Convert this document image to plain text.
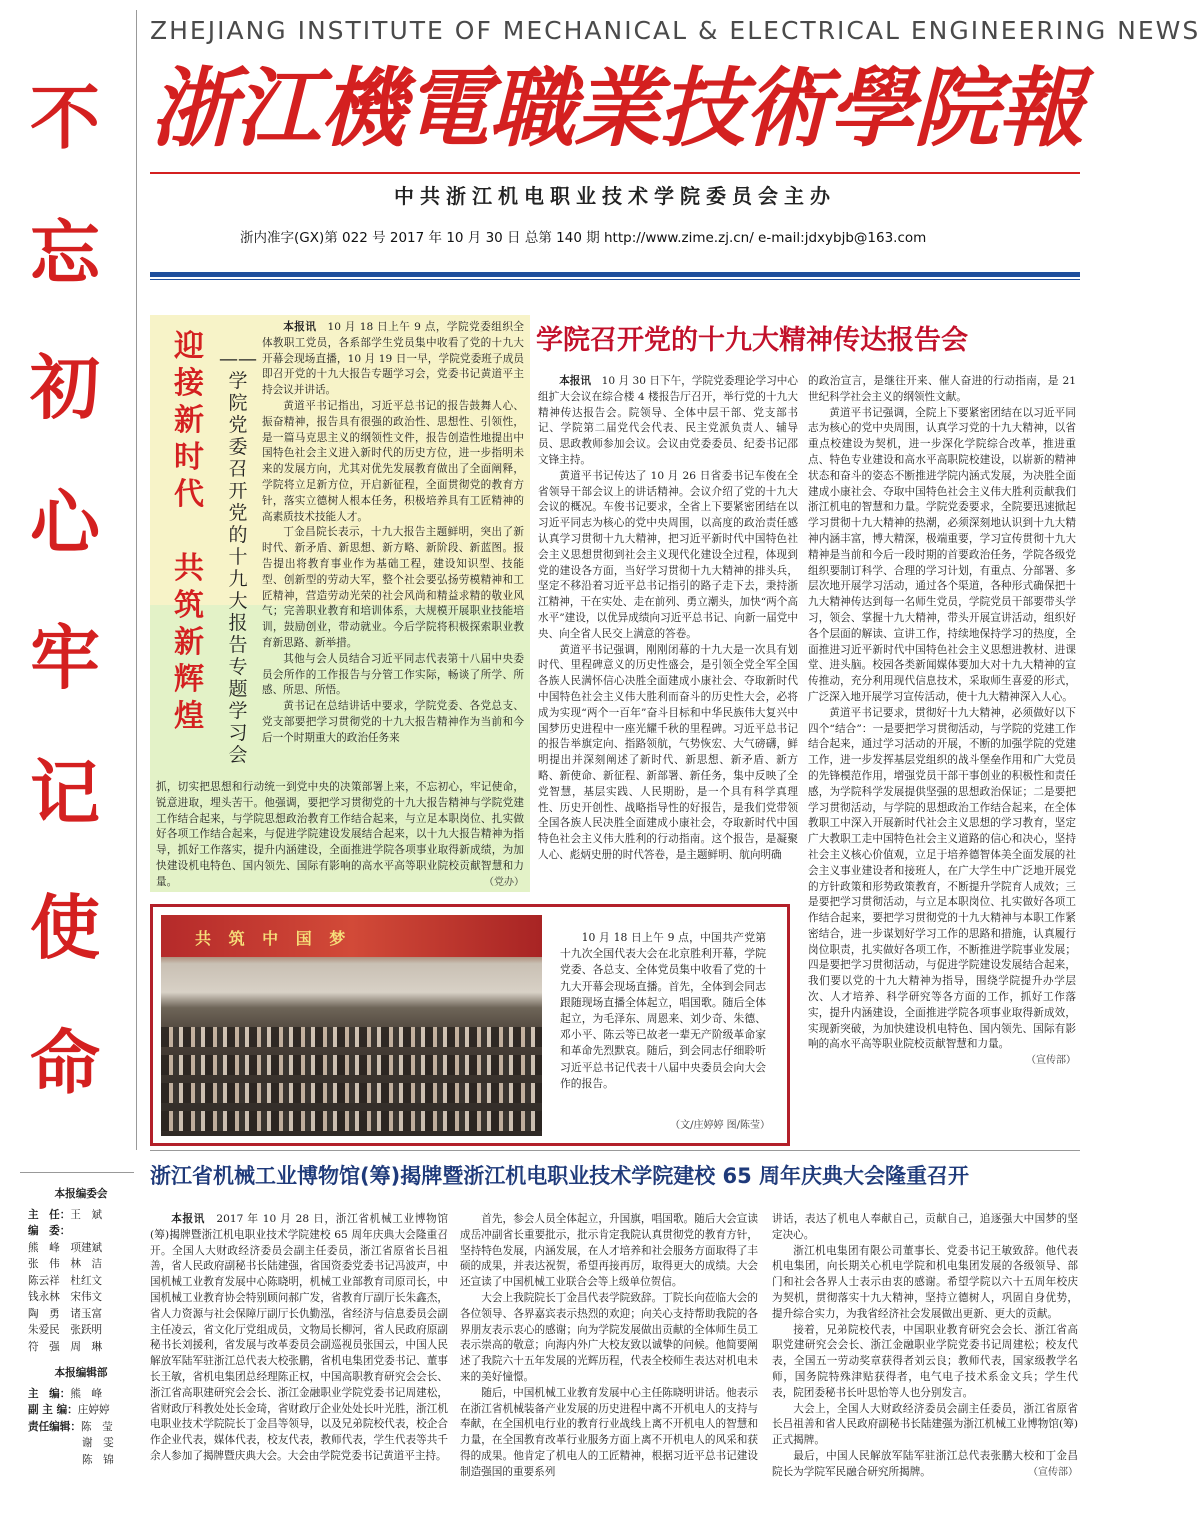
ZHEJIANG INSTITUTE OF MECHANICAL & ELECTRICAL ENGINEERING NEWS
浙 江 機 電 職 業 技 術 學 院 報
中共浙江机电职业技术学院委员会主办
浙内准字(GX)第 022 号 2017 年 10 月 30 日 总第 140 期 http://www.zime.zj.cn/ e-mail:jdxybjb@163.com
不
忘
初
心
牢
记
使
命
迎
接
新
时
代

共
筑
新
辉
煌
——
学
院
党
委
召
开
党
的
十
九
大
报
告
专
题
学
习
会

本报讯　 10 月 18 日上午 9 点，学院党委组织全体教职工党员，各系部学生党员集中收看了党的十九大开幕会现场直播，10 月 19 日一早，学院党委班子成员即召开党的十九大报告专题学习会，党委书记黄道平主持会议并讲话。

黄道平书记指出，习近平总书记的报告鼓舞人心、振奋精神，报告具有很强的政治性、思想性、引领性，是一篇马克思主义的纲领性文件，报告创造性地提出中国特色社会主义进入新时代的历史方位，进一步指明未来的发展方向，尤其对优先发展教育做出了全面阐释，学院将立足新方位，开启新征程，全面贯彻党的教育方针，落实立德树人根本任务，积极培养具有工匠精神的高素质技术技能人才。

丁金昌院长表示，十九大报告主题鲜明，突出了新时代、新矛盾、新思想、新方略、新阶段、新蓝图。报告提出将教育事业作为基础工程，建设知识型、技能型、创新型的劳动大军，整个社会要弘扬劳模精神和工匠精神，营造劳动光荣的社会风尚和精益求精的敬业风气；完善职业教育和培训体系，大规模开展职业技能培训，鼓励创业，带动就业。今后学院将积极探索职业教育新思路、新举措。

其他与会人员结合习近平同志代表第十八届中央委员会所作的工作报告与分管工作实际，畅谈了所学、所感、所思、所悟。

黄书记在总结讲话中要求，学院党委、各党总支、党支部要把学习贯彻党的十九大报告精神作为当前和今后一个时期重大的政治任务来

抓，切实把思想和行动统一到党中央的决策部署上来，不忘初心，牢记使命，锐意进取，埋头苦干。他强调，要把学习贯彻党的十九大报告精神与学院党建工作结合起来，与学院思想政治教育工作结合起来，与立足本职岗位、扎实做好各项工作结合起来，与促进学院建设发展结合起来，以十九大报告精神为指导，抓好工作落实，提升内涵建设，全面推进学院各项事业取得新成绩，为加快建设机电特色、国内领先、国际有影响的高水平高等职业院校贡献智慧和力量。	（党办）

学院召开党的十九大精神传达报告会

本报讯　 10 月 30 日下午，学院党委理论学习中心组扩大会议在综合楼 4 楼报告厅召开，举行党的十九大精神传达报告会。院领导、全体中层干部、党支部书记、学院第二届党代会代表、民主党派负责人、辅导员、思政教师参加会议。会议由党委委员、纪委书记邵文锋主持。

黄道平书记传达了 10 月 26 日省委书记车俊在全省领导干部会议上的讲话精神。会议介绍了党的十九大会议的概况。车俊书记要求，全省上下要紧密团结在以习近平同志为核心的党中央周围，以高度的政治责任感认真学习贯彻十九大精神，把习近平新时代中国特色社会主义思想贯彻到社会主义现代化建设全过程，体现到党的建设各方面，当好学习贯彻十九大精神的排头兵，坚定不移沿着习近平总书记指引的路子走下去，秉持浙江精神，干在实处、走在前列、勇立潮头，加快“两个高水平”建设，以优异成绩向习近平总书记、向新一届党中央、向全省人民交上满意的答卷。

黄道平书记强调，刚刚闭幕的十九大是一次具有划时代、里程碑意义的历史性盛会，是引领全党全军全国各族人民满怀信心决胜全面建成小康社会、夺取新时代中国特色社会主义伟大胜利而奋斗的历史性大会，必将成为实现“两个一百年”奋斗目标和中华民族伟大复兴中国梦历史进程中一座光耀千秋的里程碑。习近平总书记的报告举旗定向、指路领航，气势恢宏、大气磅礴，鲜明提出并深刻阐述了新时代、新思想、新矛盾、新方略、新使命、新征程、新部署、新任务，集中反映了全党智慧，基层实践、人民期盼，是一个具有科学真理性、历史开创性、战略指导性的好报告，是我们党带领全国各族人民决胜全面建成小康社会，夺取新时代中国特色社会主义伟大胜利的行动指南。这个报告，是凝聚人心、彪炳史册的时代答卷，是主题鲜明、航向明确

的政治宣言，是继往开来、催人奋进的行动指南，是 21 世纪科学社会主义的纲领性文献。

黄道平书记强调，全院上下要紧密团结在以习近平同志为核心的党中央周围，认真学习党的十九大精神，以省重点校建设为契机，进一步深化学院综合改革，推进重点、特色专业建设和高水平高职院校建设，以崭新的精神状态和奋斗的姿态不断推进学院内涵式发展，为决胜全面建成小康社会、夺取中国特色社会主义伟大胜利贡献我们浙江机电的智慧和力量。学院党委要求，全院要迅速掀起学习贯彻十九大精神的热潮，必须深刻地认识到十九大精神内涵丰富，博大精深，极端重要，学习宣传贯彻十九大精神是当前和今后一段时期的首要政治任务，学院各级党组织要制订科学、合理的学习计划，有重点、分部署、多层次地开展学习活动，通过各个渠道，各种形式确保把十九大精神传达到每一名师生党员，学院党员干部要带头学习，领会、掌握十九大精神，带头开展宣讲活动，组织好各个层面的解读、宣讲工作，持续地保持学习的热度，全面推进习近平新时代中国特色社会主义思想进教材、进课堂、进头脑。校园各类新闻媒体要加大对十九大精神的宣传推动，充分利用现代信息技术，采取师生喜爱的形式，广泛深入地开展学习宣传活动，使十九大精神深入人心。

黄道平书记要求，贯彻好十九大精神，必须做好以下四个“结合”：一是要把学习贯彻活动，与学院的党建工作结合起来，通过学习活动的开展，不断的加强学院的党建工作，进一步发挥基层党组织的战斗堡垒作用和广大党员的先锋模范作用，增强党员干部干事创业的积极性和责任感，为学院科学发展提供坚强的思想政治保证；二是要把学习贯彻活动，与学院的思想政治工作结合起来，在全体教职工中深入开展新时代社会主义思想的学习教育，坚定广大教职工走中国特色社会主义道路的信心和决心，坚持社会主义核心价值观，立足于培养德智体美全面发展的社会主义事业建设者和接班人，在广大学生中广泛地开展党的方针政策和形势政策教育，不断提升学院育人成效；三是要把学习贯彻活动，与立足本职岗位、扎实做好各项工作结合起来，要把学习贯彻党的十九大精神与本职工作紧密结合，进一步谋划好学习工作的思路和措施，认真履行岗位职责，扎实做好各项工作，不断推进学院事业发展；四是要把学习贯彻活动，与促进学院建设发展结合起来，我们要以党的十九大精神为指导，围绕学院提升办学层次、人才培养、科学研究等各方面的工作，抓好工作落实，提升内涵建设，全面推进学院各项事业取得新成效，实现新突破，为加快建设机电特色、国内领先、国际有影响的高水平高等职业院校贡献智慧和力量。
（宣传部）

共 筑 中 国 梦	10 月 18 日上午 9 点，中国共产党第十九次全国代表大会在北京胜利开幕，学院党委、各总支、全体党员集中收看了党的十九大开幕会现场直播。首先，全体到会同志跟随现场直播全体起立，唱国歌。随后全体起立，为毛泽东、周恩来、刘少奇、朱德、邓小平、陈云等已故老一辈无产阶级革命家和革命先烈默哀。随后，到会同志仔细聆听习近平总书记代表十八届中央委员会向大会作的报告。

（文/庄婷婷 图/陈莹）
浙江省机械工业博物馆(筹)揭牌暨浙江机电职业技术学院建校 65 周年庆典大会隆重召开

本报讯　 2017 年 10 月 28 日，浙江省机械工业博物馆(筹)揭牌暨浙江机电职业技术学院建校 65 周年庆典大会隆重召开。全国人大财政经济委员会副主任委员，浙江省原省长吕祖善，省人民政府副秘书长陆建强，省国资委党委书记冯波声，中国机械工业教育发展中心陈晓明，机械工业部教育司原司长，中国机械工业教育协会特别顾问郝广发，省教育厅副厅长朱鑫杰，省人力资源与社会保障厅副厅长仇勤泓，省经济与信息委员会副主任凌云，省文化厅党组成员，文物局长柳河，省人民政府原副秘书长刘援利，省发展与改革委员会副巡视员张国云，中国人民解放军陆军驻浙江总代表大校张鹏，省机电集团党委书记、董事长王敏，省机电集团总经理陈正权，中国高职教育研究会会长、浙江省高职建研究会会长、浙江金融职业学院党委书记周建松，省财政厅科教处处长金琦，省财政厅企业处处长叶光胜，浙江机电职业技术学院院长丁金昌等领导，以及兄弟院校代表，校企合作企业代表，媒体代表，校友代表，教师代表，学生代表等共千余人参加了揭牌暨庆典大会。大会由学院党委书记黄道平主持。

首先，参会人员全体起立，升国旗，唱国歌。随后大会宣读成岳冲副省长重要批示，批示肯定我院认真贯彻党的教育方针，坚持特色发展，内涵发展，在人才培养和社会服务方面取得了丰硕的成果，并表达祝贺，希望再接再厉，取得更大的成绩。大会还宣读了中国机械工业联合会等上级单位贺信。

大会上我院院长丁金昌代表学院致辞。丁院长向莅临大会的各位领导、各界嘉宾表示热烈的欢迎；向关心支持帮助我院的各界朋友表示衷心的感谢；向为学院发展做出贡献的全体师生员工表示崇高的敬意；向海内外广大校友致以诚挚的问候。他简要阐述了我院六十五年发展的光辉历程，代表全校师生表达对机电未来的美好憧憬。

随后，中国机械工业教育发展中心主任陈晓明讲话。他表示在浙江省机械装备产业发展的历史进程中离不开机电人的支持与奉献，在全国机电行业的教育行业战线上离不开机电人的智慧和力量，在全国教育改革行业服务方面上离不开机电人的风采和获得的成果。他肯定了机电人的工匠精神，根据习近平总书记建设制造强国的重要系列

讲话，表达了机电人奉献自己，贡献自己，追逐强大中国梦的坚定决心。

浙江机电集团有限公司董事长、党委书记王敏致辞。他代表机电集团，向长期关心机电学院和机电集团发展的各级领导、部门和社会各界人士表示由衷的感谢。希望学院以六十五周年校庆为契机，贯彻落实十九大精神，坚持立德树人，巩固自身优势，提升综合实力，为我省经济社会发展做出更新、更大的贡献。

接着，兄弟院校代表，中国职业教育研究会会长、浙江省高职党建研究会会长、浙江金融职业学院党委书记周建松；校友代表，全国五一劳动奖章获得者刘云良；教师代表，国家级教学名师，国务院特殊津贴获得者，电气电子技术系金文兵；学生代表，院团委秘书长叶思怡等人也分别发言。

大会上，全国人大财政经济委员会副主任委员，浙江省原省长吕祖善和省人民政府副秘书长陆建强为浙江机械工业博物馆(筹)正式揭牌。

最后，中国人民解放军陆军驻浙江总代表张鹏大校和丁金昌院长为学院军民融合研究所揭牌。	（宣传部）

本报编委会
主　任：王　斌
编　委：
熊　峰　项建斌
张　伟　林　洁
陈云祥　杜红文
钱永林　宋伟文
陶　勇　诸玉富
朱爱民　张跃明
符　强　周　琳
本报编辑部
主　编：熊　峰
副 主 编：庄婷婷
责任编辑：陈　莹
谢　雯
陈　锦
